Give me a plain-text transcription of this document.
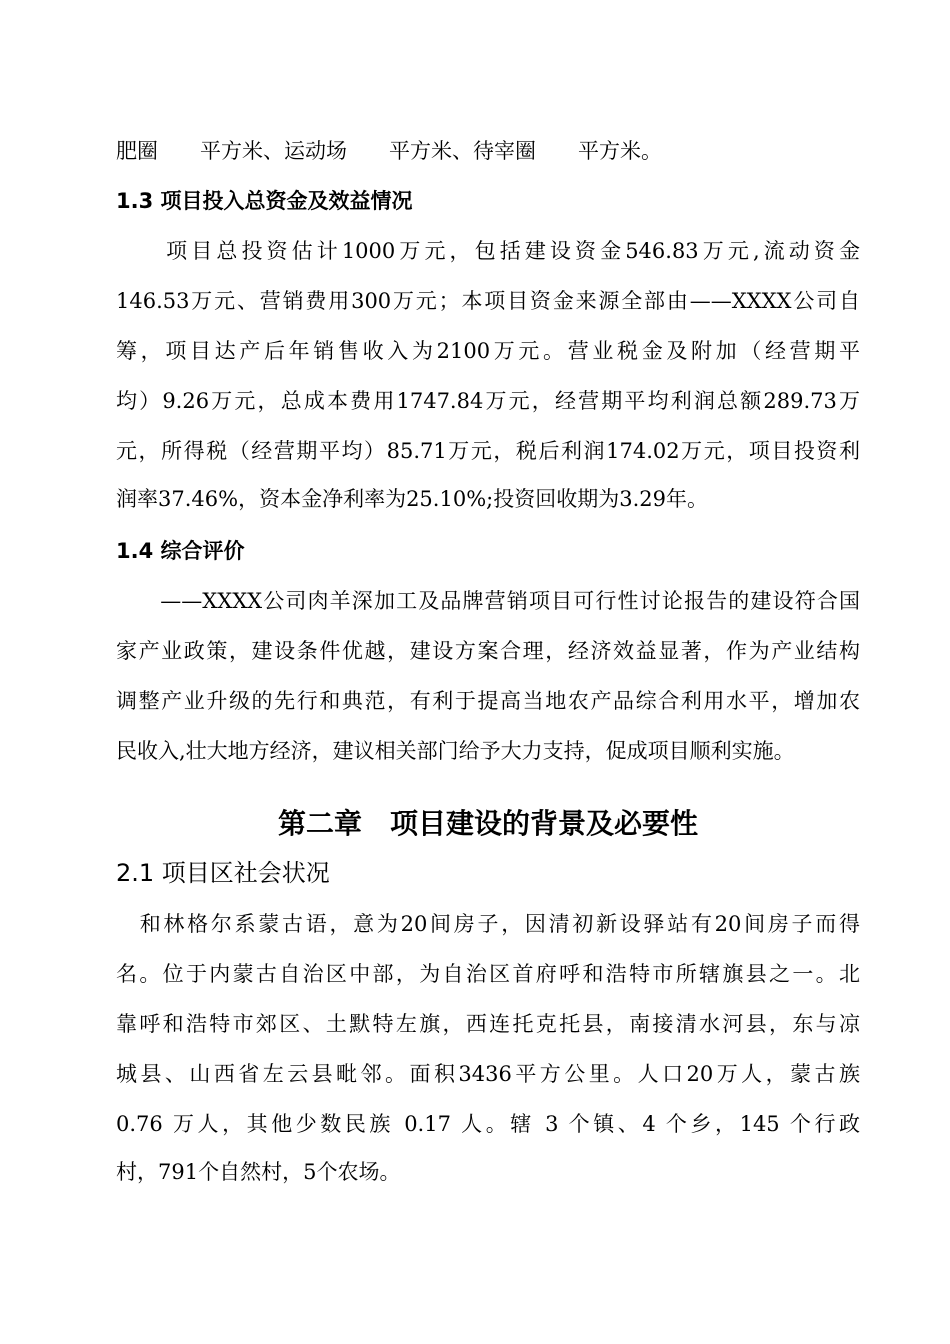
肥圈　　平方米、运动场　　平方米、待宰圈　　平方米。
1.3 项目投入总资金及效益情况
　　项目总投资估计1000万元，包括建设资金546.83万元,流动资金
146.53万元、营销费用300万元；本项目资金来源全部由——XXXX公司自
筹，项目达产后年销售收入为2100万元。营业税金及附加（经营期平
均）9.26万元，总成本费用1747.84万元，经营期平均利润总额289.73万
元，所得税（经营期平均）85.71万元，税后利润174.02万元，项目投资利
润率37.46%，资本金净利率为25.10%;投资回收期为3.29年。
1.4 综合评价
　　——XXXX公司肉羊深加工及品牌营销项目可行性讨论报告的建设符合国
家产业政策，建设条件优越，建设方案合理，经济效益显著，作为产业结构
调整产业升级的先行和典范，有利于提高当地农产品综合利用水平，增加农
民收入,壮大地方经济，建议相关部门给予大力支持，促成项目顺利实施。
第二章　项目建设的背景及必要性
2.1 项目区社会状况
　和林格尔系蒙古语，意为20间房子，因清初新设驿站有20间房子而得
名。位于内蒙古自治区中部，为自治区首府呼和浩特市所辖旗县之一。北
靠呼和浩特市郊区、土默特左旗，西连托克托县，南接清水河县，东与凉
城县、山西省左云县毗邻。面积3436平方公里。人口20万人，蒙古族
0.76 万人，其他少数民族 0.17 人。辖 3 个镇、4 个乡，145 个行政
村，791个自然村，5个农场。
